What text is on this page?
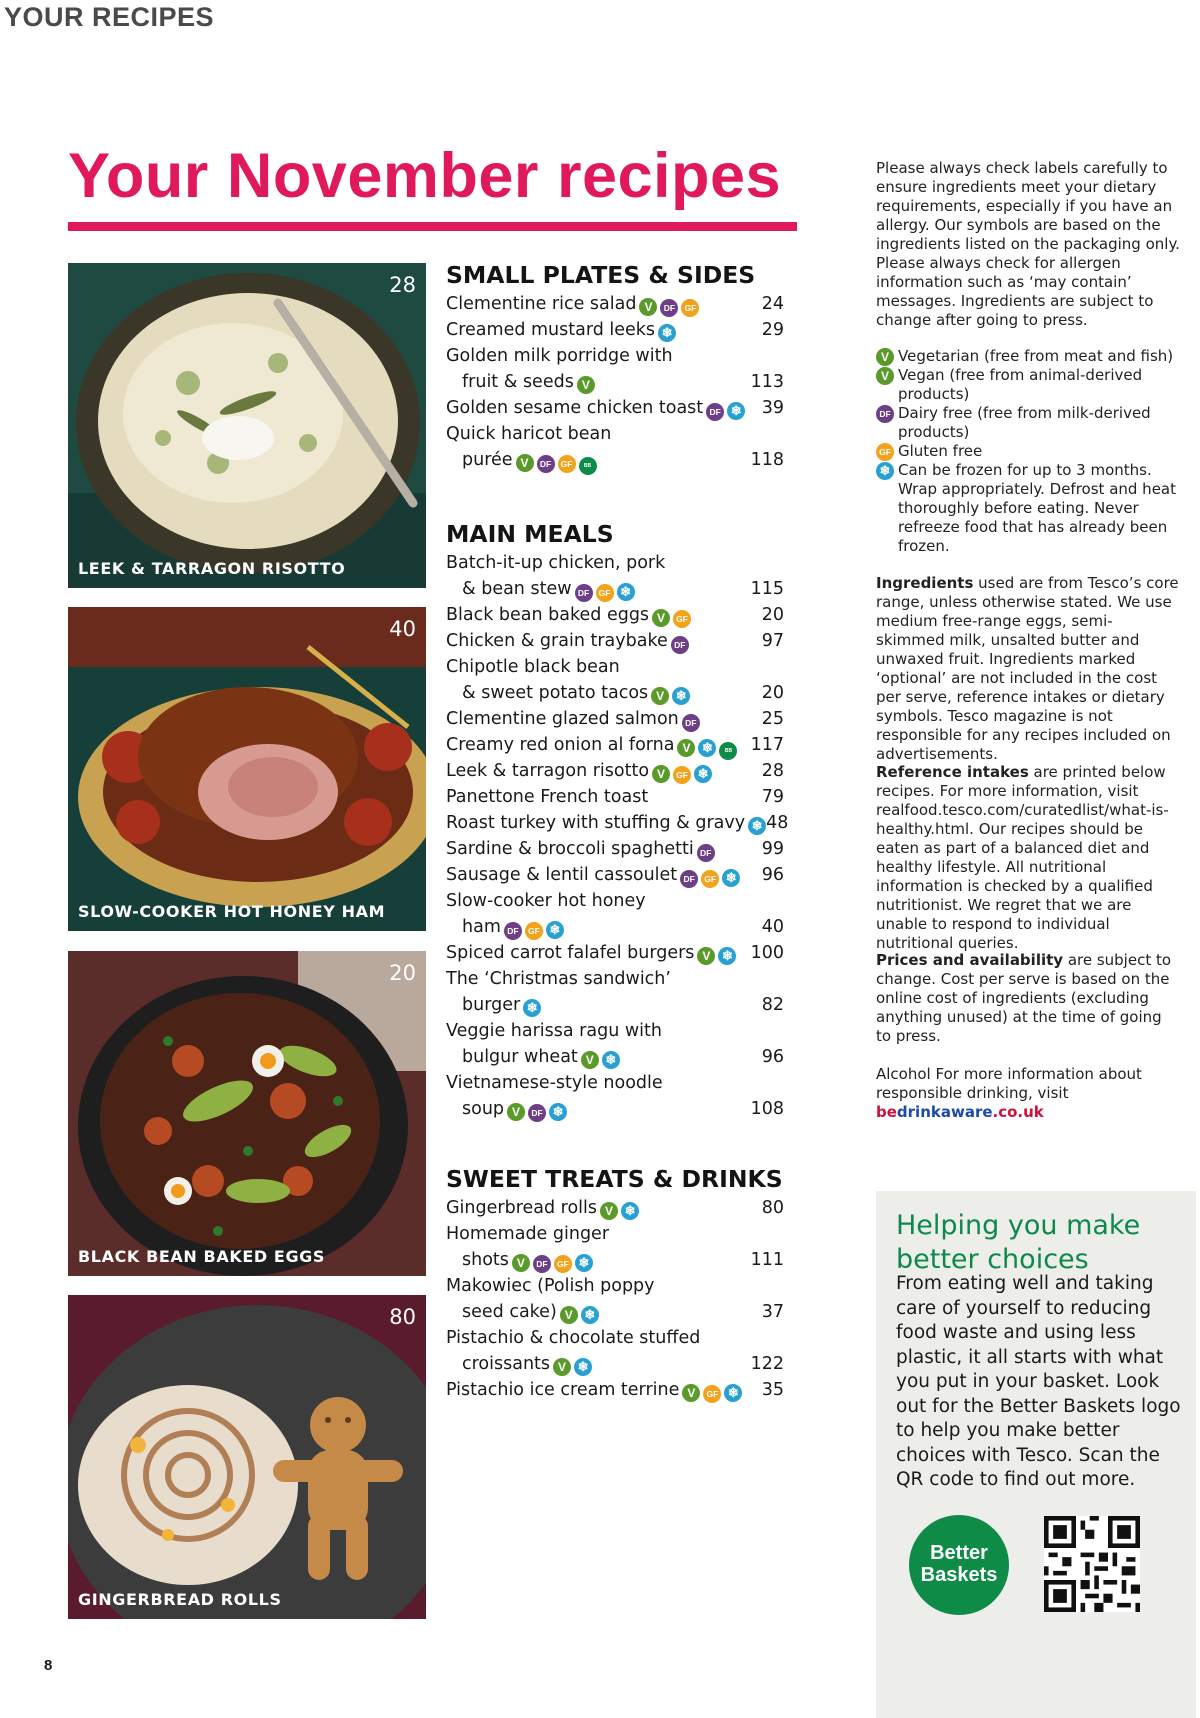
YOUR RECIPES
Your November recipes
28
LEEK & TARRAGON RISOTTO
40
SLOW-COOKER HOT HONEY HAM
20
BLACK BEAN BAKED EGGS
80
GINGERBREAD ROLLS
SMALL PLATES & SIDES
Clementine rice salad V DF GF	24
Creamed mustard leeks ❄	29
Golden milk porridge with
fruit & seeds V	113
Golden sesame chicken toast DF ❄	39
Quick haricot bean
purée V DF GF BB	118
MAIN MEALS
Batch-it-up chicken, pork
& bean stew DF GF ❄	115
Black bean baked eggs V GF	20
Chicken & grain traybake DF	97
Chipotle black bean
& sweet potato tacos V ❄	20
Clementine glazed salmon DF	25
Creamy red onion al forna V ❄ BB	117
Leek & tarragon risotto V GF ❄	28
Panettone French toast	79
Roast turkey with stuffing & gravy ❄ 48
Sardine & broccoli spaghetti DF	99
Sausage & lentil cassoulet DF GF ❄	96
Slow-cooker hot honey
ham DF GF ❄	40
Spiced carrot falafel burgers V ❄	100
The ‘Christmas sandwich’
burger ❄	82
Veggie harissa ragu with
bulgur wheat V ❄	96
Vietnamese-style noodle
soup V DF ❄	108
SWEET TREATS & DRINKS
Gingerbread rolls V ❄	80
Homemade ginger
shots V DF GF ❄	111
Makowiec (Polish poppy
seed cake) V ❄	37
Pistachio & chocolate stuffed
croissants V ❄	122
Pistachio ice cream terrine V GF ❄	35
Please always check labels carefully to ensure ingredients meet your dietary requirements, especially if you have an allergy. Our symbols are based on the ingredients listed on the packaging only. Please always check for allergen information such as ‘may contain’ messages. Ingredients are subject to change after going to press.
V Vegetarian (free from meat and fish)
V Vegan (free from animal-derived products)
DF Dairy free (free from milk-derived products)
GF Gluten free
❄ Can be frozen for up to 3 months. Wrap appropriately. Defrost and heat thoroughly before eating. Never refreeze food that has already been frozen.
Ingredients used are from Tesco’s core range, unless otherwise stated. We use medium free-range eggs, semi-skimmed milk, unsalted butter and unwaxed fruit. Ingredients marked ‘optional’ are not included in the cost per serve, reference intakes or dietary symbols. Tesco magazine is not responsible for any recipes included on advertisements.
Reference intakes are printed below recipes. For more information, visit realfood.tesco.com/curatedlist/what-is-healthy.html. Our recipes should be eaten as part of a balanced diet and healthy lifestyle. All nutritional information is checked by a qualified nutritionist. We regret that we are unable to respond to individual nutritional queries.
Prices and availability are subject to change. Cost per serve is based on the online cost of ingredients (excluding anything unused) at the time of going to press.
Alcohol For more information about responsible drinking, visit
bedrinkaware.co.uk
Helping you make better choices
From eating well and taking care of yourself to reducing food waste and using less plastic, it all starts with what you put in your basket. Look out for the Better Baskets logo to help you make better choices with Tesco. Scan the QR code to find out more.
Better Baskets
8
